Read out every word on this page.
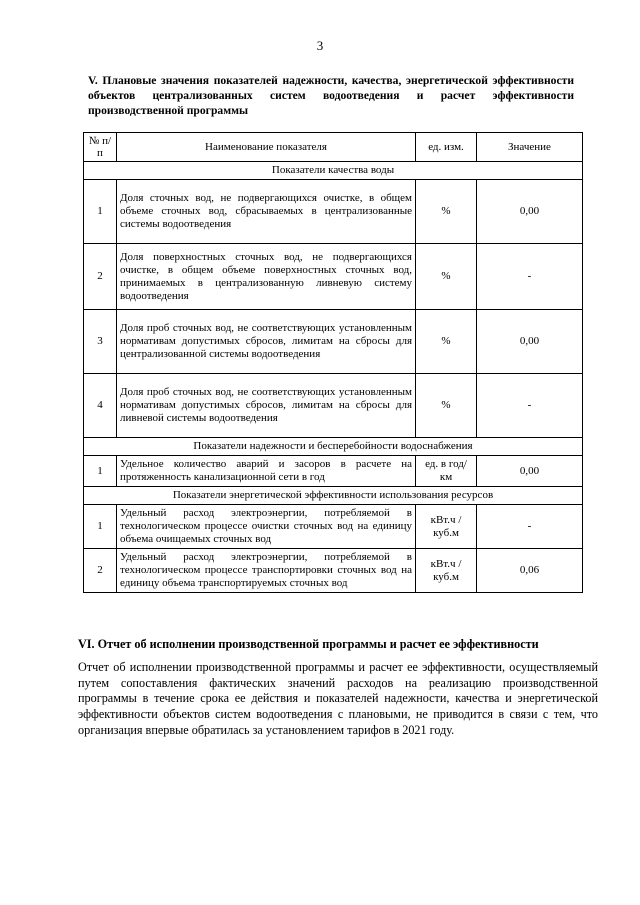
3
V. Плановые значения показателей надежности, качества, энергетической эффективности объектов централизованных систем водоотведения и расчет эффективности производственной программы
№ п/п	Наименование показателя	ед. изм.	Значение
Показатели качества воды			
1	Доля сточных вод, не подвергающихся очистке, в общем объеме сточных вод, сбрасываемых в централизованные системы водоотведения	%	0,00
2	Доля поверхностных сточных вод, не подвергающихся очистке, в общем объеме поверхностных сточных вод, принимаемых в централизованную ливневую систему водоотведения	%	-
3	Доля проб сточных вод, не соответствующих установленным нормативам допустимых сбросов, лимитам на сбросы для централизованной системы водоотведения	%	0,00
4	Доля проб сточных вод, не соответствующих установленным нормативам допустимых сбросов, лимитам на сбросы для ливневой системы водоотведения	%	-
Показатели надежности и бесперебойности водоснабжения			
1	Удельное количество аварий и засоров в расчете на протяженность канализационной сети в год	ед. в год/ км	0,00
Показатели энергетической эффективности использования ресурсов			
1	Удельный расход электроэнергии, потребляемой в технологическом процессе очистки сточных вод на единицу объема очищаемых сточных вод	кВт.ч / куб.м	-
2	Удельный расход электроэнергии, потребляемой в технологическом процессе транспортировки сточных вод на единицу объема транспортируемых сточных вод	кВт.ч / куб.м	0,06
VI. Отчет об исполнении производственной программы и расчет ее эффективности
Отчет об исполнении производственной программы и расчет ее эффективности, осуществляемый путем сопоставления фактических значений расходов на реализацию производственной программы в течение срока ее действия и показателей надежности, качества и энергетической эффективности объектов систем водоотведения с плановыми, не приводится в связи с тем, что организация впервые обратилась за установлением тарифов в 2021 году.
